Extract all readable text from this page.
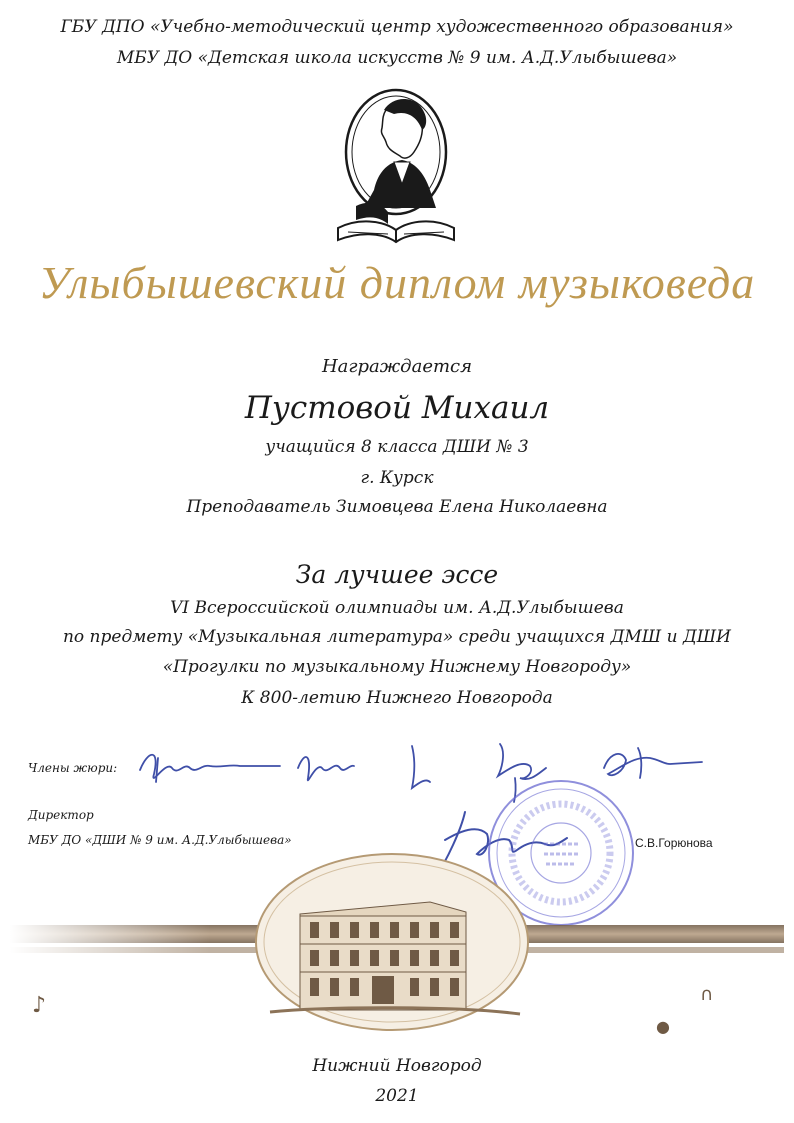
ГБУ ДПО «Учебно-методический центр художественного образования»
МБУ ДО «Детская школа искусств № 9 им. А.Д.Улыбышева»
Улыбышевский диплом музыковеда
Награждается
Пустовой Михаил
учащийся 8 класса ДШИ № 3
г. Курск
Преподаватель Зимовцева Елена Николаевна
За лучшее эссе
VI Всероссийской олимпиады им. А.Д.Улыбышева
по предмету «Музыкальная литература» среди учащихся ДМШ и ДШИ
«Прогулки по музыкальному Нижнему Новгороду»
К 800-летию Нижнего Новгорода
Члены жюри:
Директор
МБУ ДО «ДШИ № 9 им. А.Д.Улыбышева»	С.В.Горюнова
♪	∩
●
Нижний Новгород
2021
